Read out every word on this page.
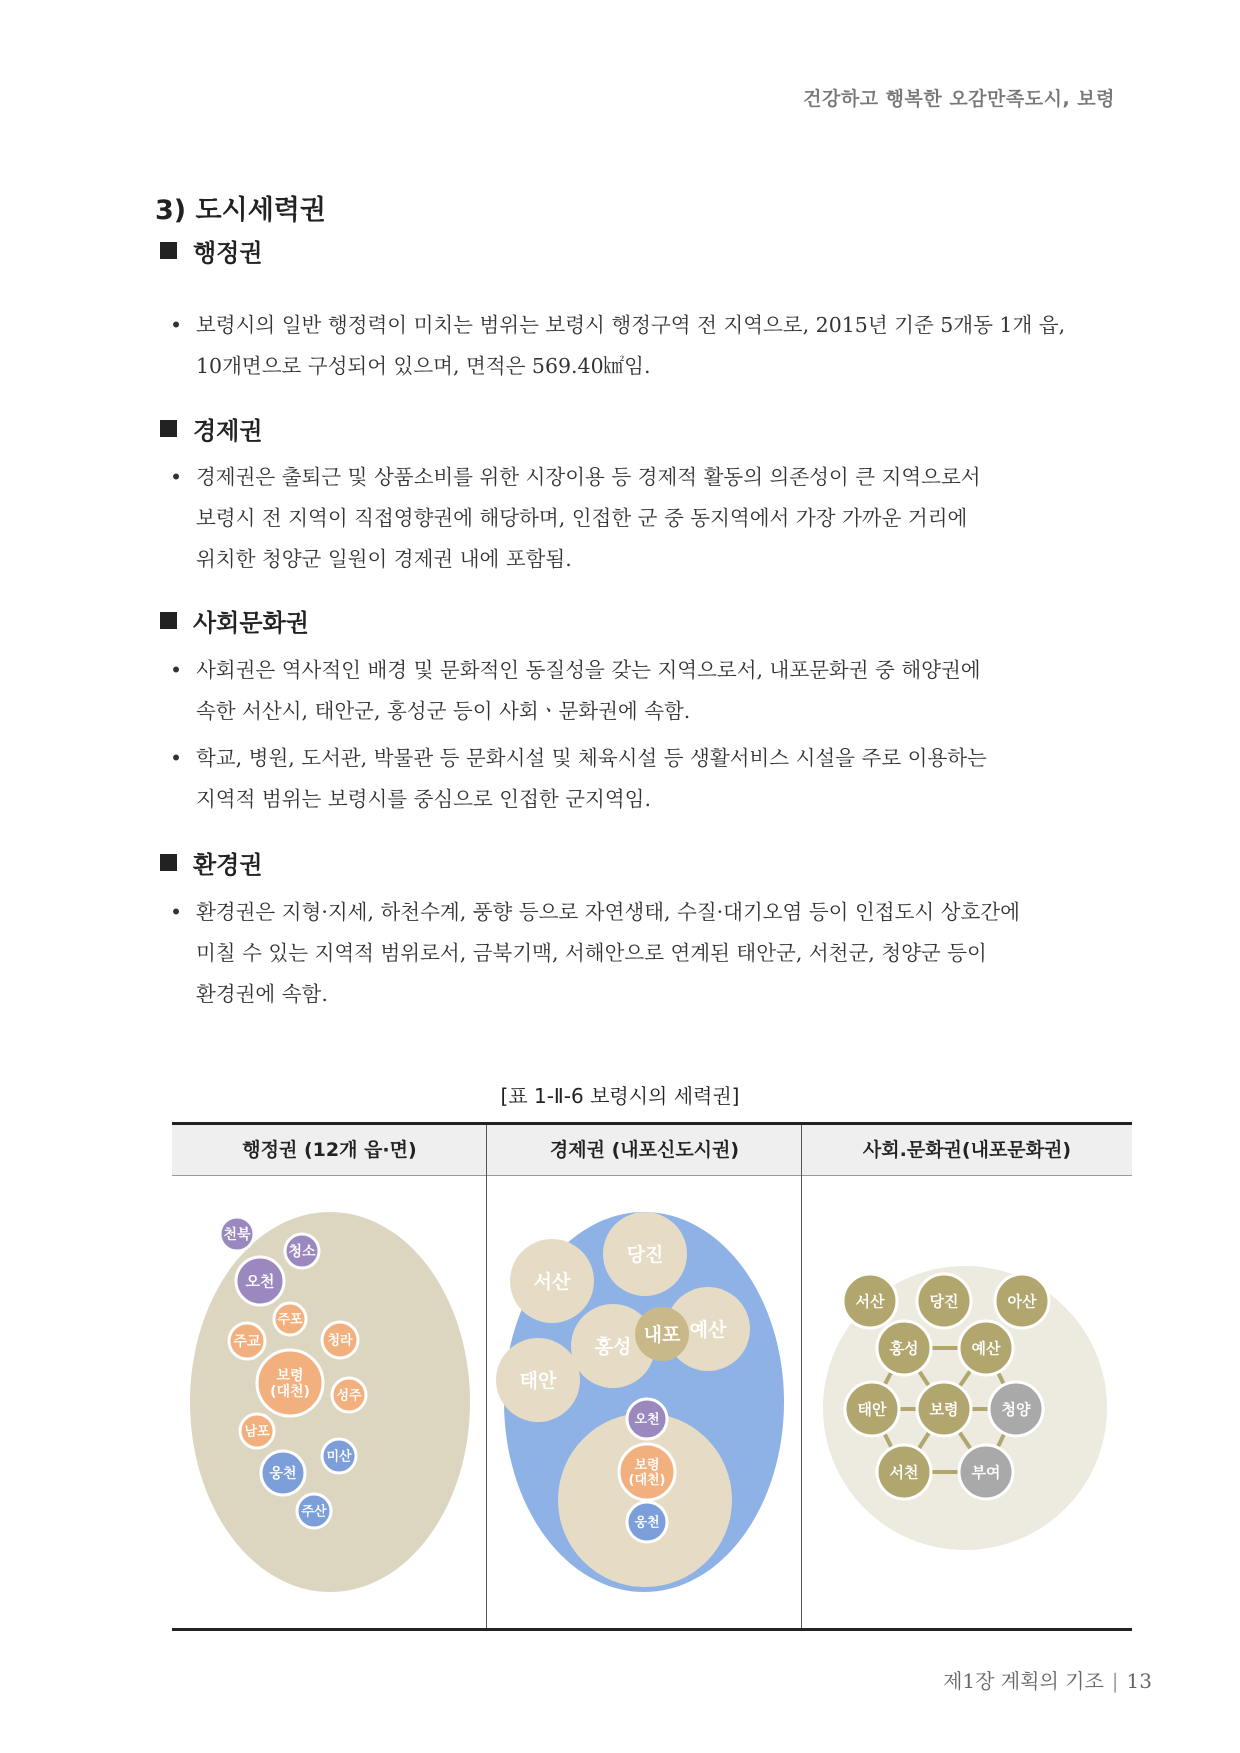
건강하고 행복한 오감만족도시, 보령
3) 도시세력권
행정권
• 보령시의 일반 행정력이 미치는 범위는 보령시 행정구역 전 지역으로, 2015년 기준 5개동 1개 읍,
10개면으로 구성되어 있으며, 면적은 569.40㎢임.
경제권
• 경제권은 출퇴근 및 상품소비를 위한 시장이용 등 경제적 활동의 의존성이 큰 지역으로서
보령시 전 지역이 직접영향권에 해당하며, 인접한 군 중 동지역에서 가장 가까운 거리에
위치한 청양군 일원이 경제권 내에 포함됨.
사회문화권
• 사회권은 역사적인 배경 및 문화적인 동질성을 갖는 지역으로서, 내포문화권 중 해양권에
속한 서산시, 태안군, 홍성군 등이 사회ㆍ문화권에 속함.
• 학교, 병원, 도서관, 박물관 등 문화시설 및 체육시설 등 생활서비스 시설을 주로 이용하는
지역적 범위는 보령시를 중심으로 인접한 군지역임.
환경권
• 환경권은 지형·지세, 하천수계, 풍향 등으로 자연생태, 수질·대기오염 등이 인접도시 상호간에
미칠 수 있는 지역적 범위로서, 금북기맥, 서해안으로 연계된 태안군, 서천군, 청양군 등이
환경권에 속함.
[표 1-Ⅱ-6 보령시의 세력권]
행정권 (12개 읍·면)	경제권 (내포신도시권)	사회.문화권(내포문화권)
천북
청소
오천
주포
주교	청라
보령 (대천) 성주
남포
미산
웅천
주산
당진
서산
예산
홍성
태안
내포
오천
보령 (대천)
웅천
서산	당진	아산
홍성	예산
태안	보령	청양
서천	부여
제1장 계획의 기조 | 13
